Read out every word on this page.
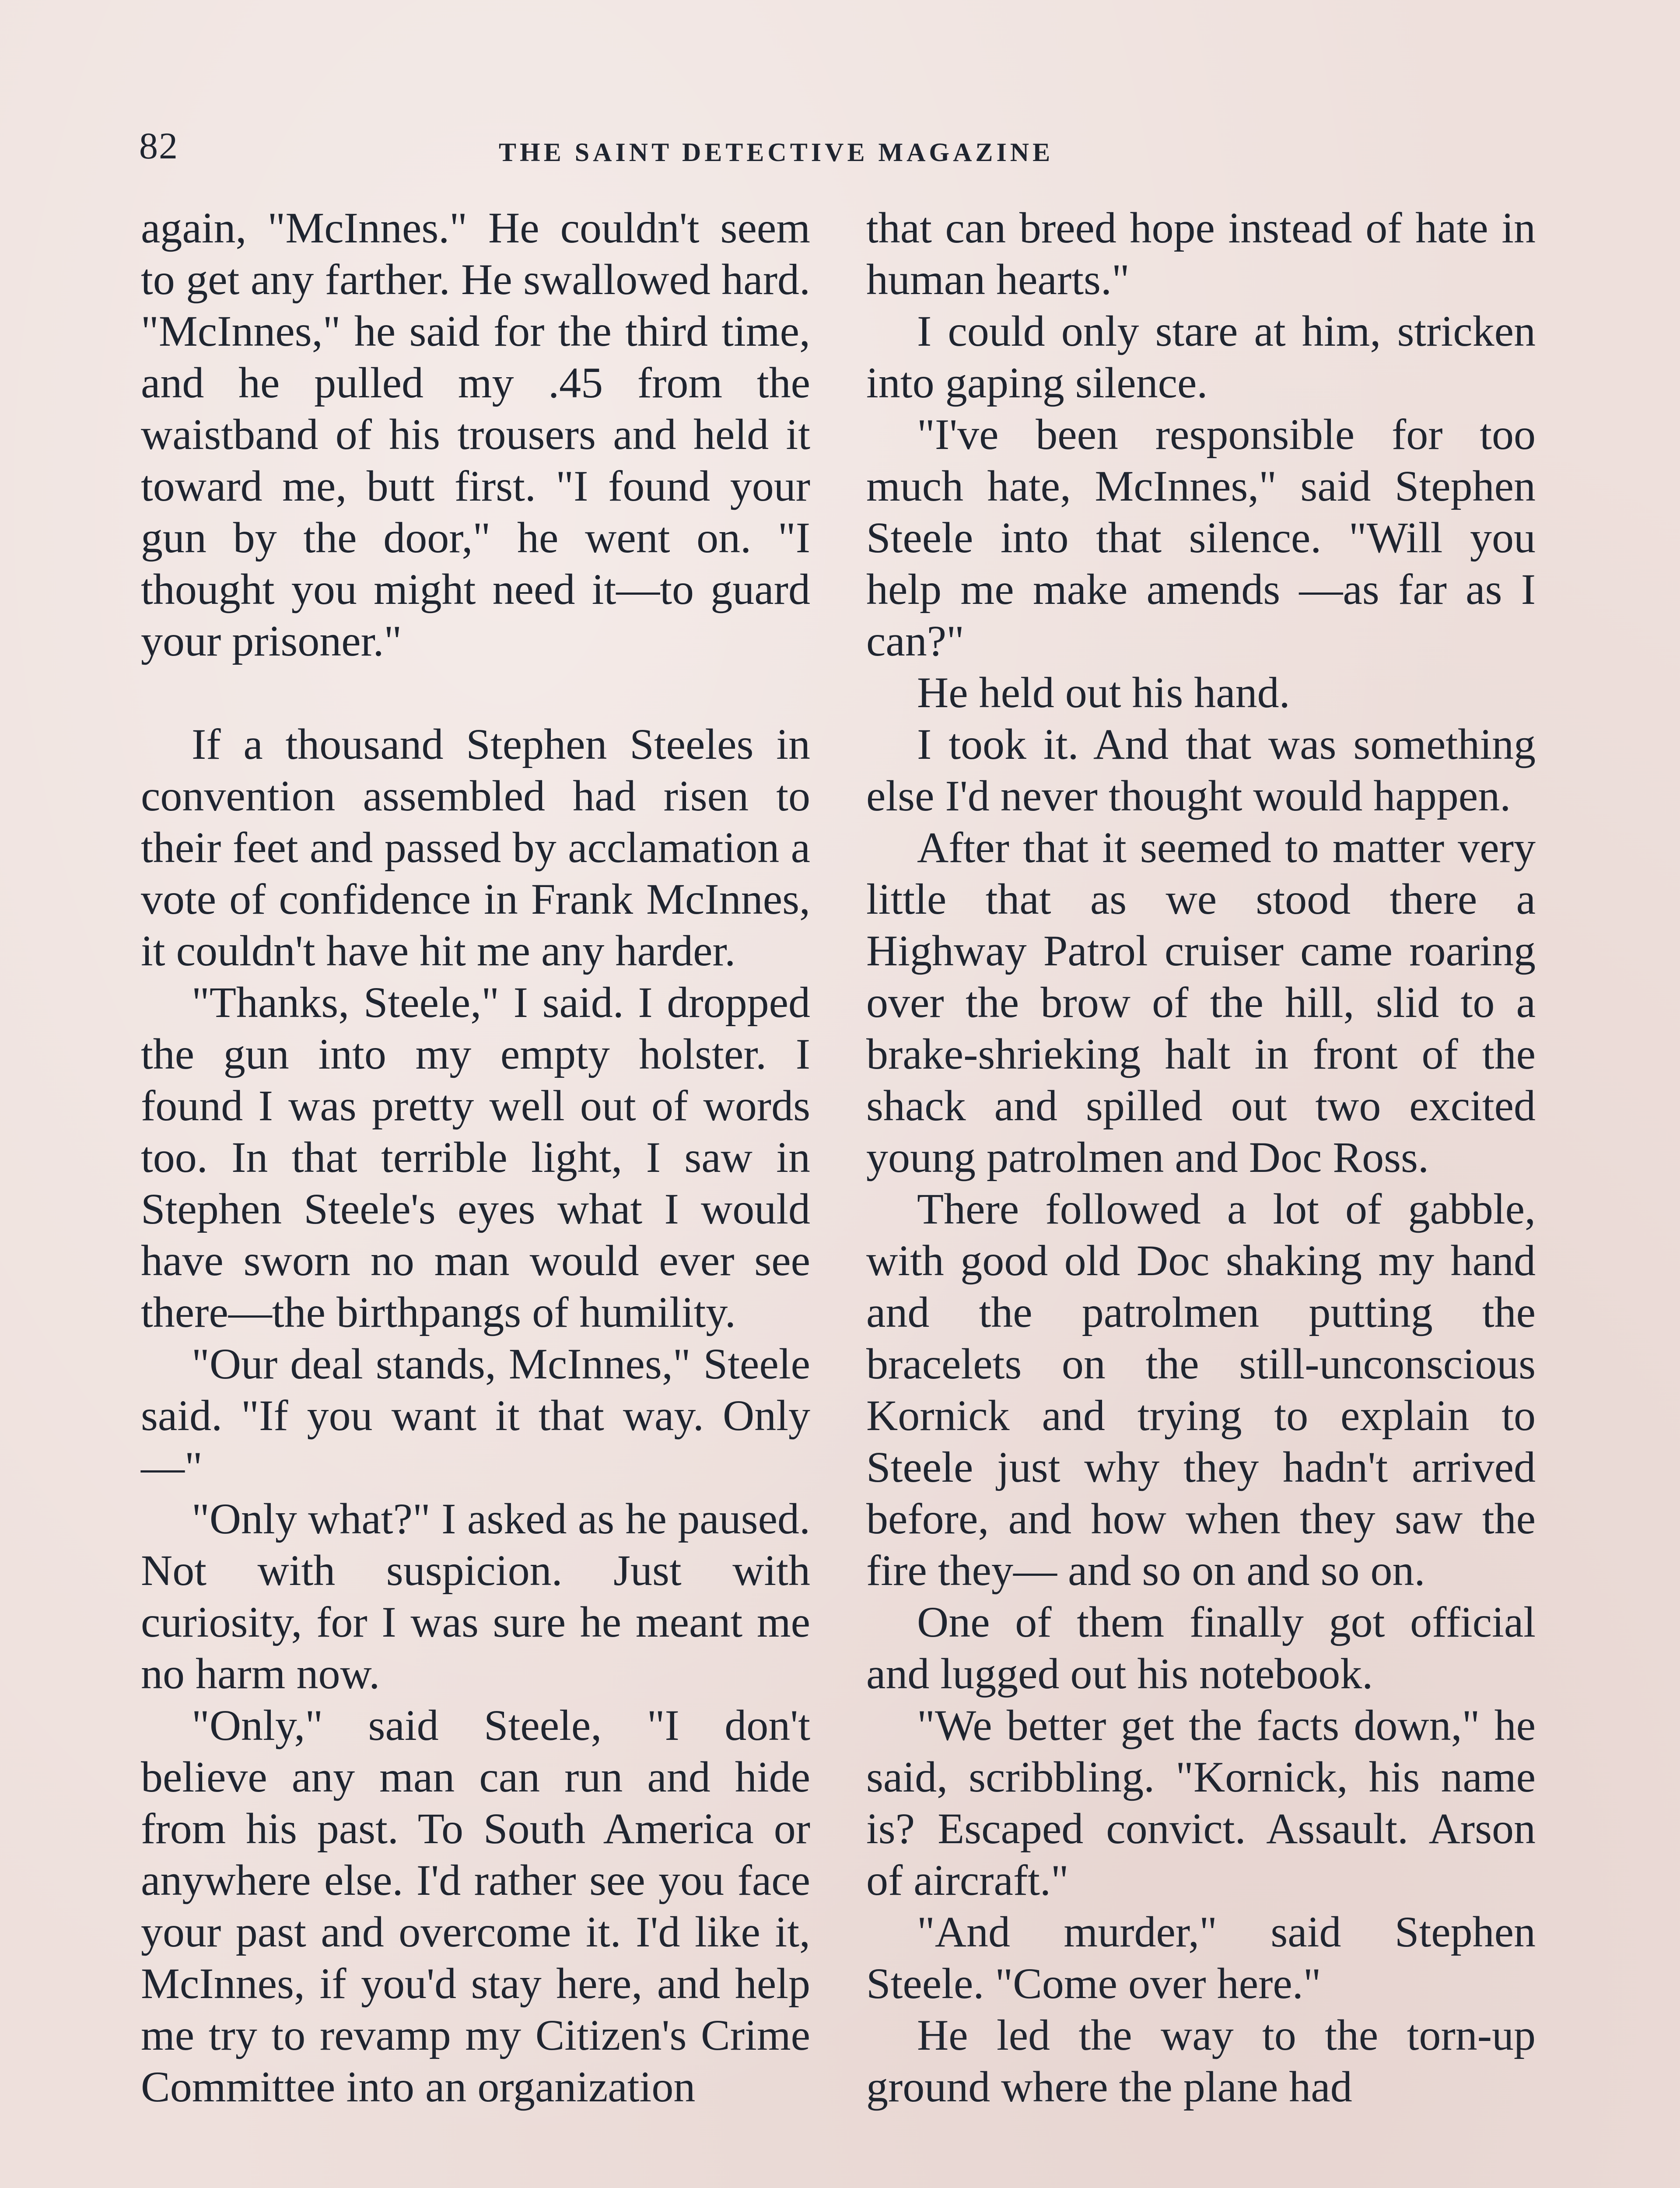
82	THE SAINT DETECTIVE MAGAZINE

again, "McInnes." He couldn't seem to get any farther. He swallowed hard. "McInnes," he said for the third time, and he pulled my .45 from the waistband of his trousers and held it toward me, butt first. "I found your gun by the door," he went on. "I thought you might need it—to guard your prisoner."

If a thousand Stephen Steeles in convention assembled had risen to their feet and passed by acclamation a vote of confidence in Frank McInnes, it couldn't have hit me any harder.

"Thanks, Steele," I said. I dropped the gun into my empty holster. I found I was pretty well out of words too. In that terrible light, I saw in Stephen Steele's eyes what I would have sworn no man would ever see there—the birthpangs of humility.

"Our deal stands, McInnes," Steele said. "If you want it that way. Only—"

"Only what?" I asked as he paused. Not with suspicion. Just with curiosity, for I was sure he meant me no harm now.

"Only," said Steele, "I don't believe any man can run and hide from his past. To South America or anywhere else. I'd rather see you face your past and overcome it. I'd like it, McInnes, if you'd stay here, and help me try to revamp my Citizen's Crime Committee into an organization

that can breed hope instead of hate in human hearts."

I could only stare at him, stricken into gaping silence.

"I've been responsible for too much hate, McInnes," said Stephen Steele into that silence. "Will you help me make amends —as far as I can?"

He held out his hand.

I took it. And that was something else I'd never thought would happen.

After that it seemed to matter very little that as we stood there a Highway Patrol cruiser came roaring over the brow of the hill, slid to a brake-shrieking halt in front of the shack and spilled out two excited young patrolmen and Doc Ross.

There followed a lot of gabble, with good old Doc shaking my hand and the patrolmen putting the bracelets on the still-unconscious Kornick and trying to explain to Steele just why they hadn't arrived before, and how when they saw the fire they— and so on and so on.

One of them finally got official and lugged out his notebook.

"We better get the facts down," he said, scribbling. "Kornick, his name is? Escaped convict. Assault. Arson of aircraft."

"And murder," said Stephen Steele. "Come over here."

He led the way to the torn-up ground where the plane had
